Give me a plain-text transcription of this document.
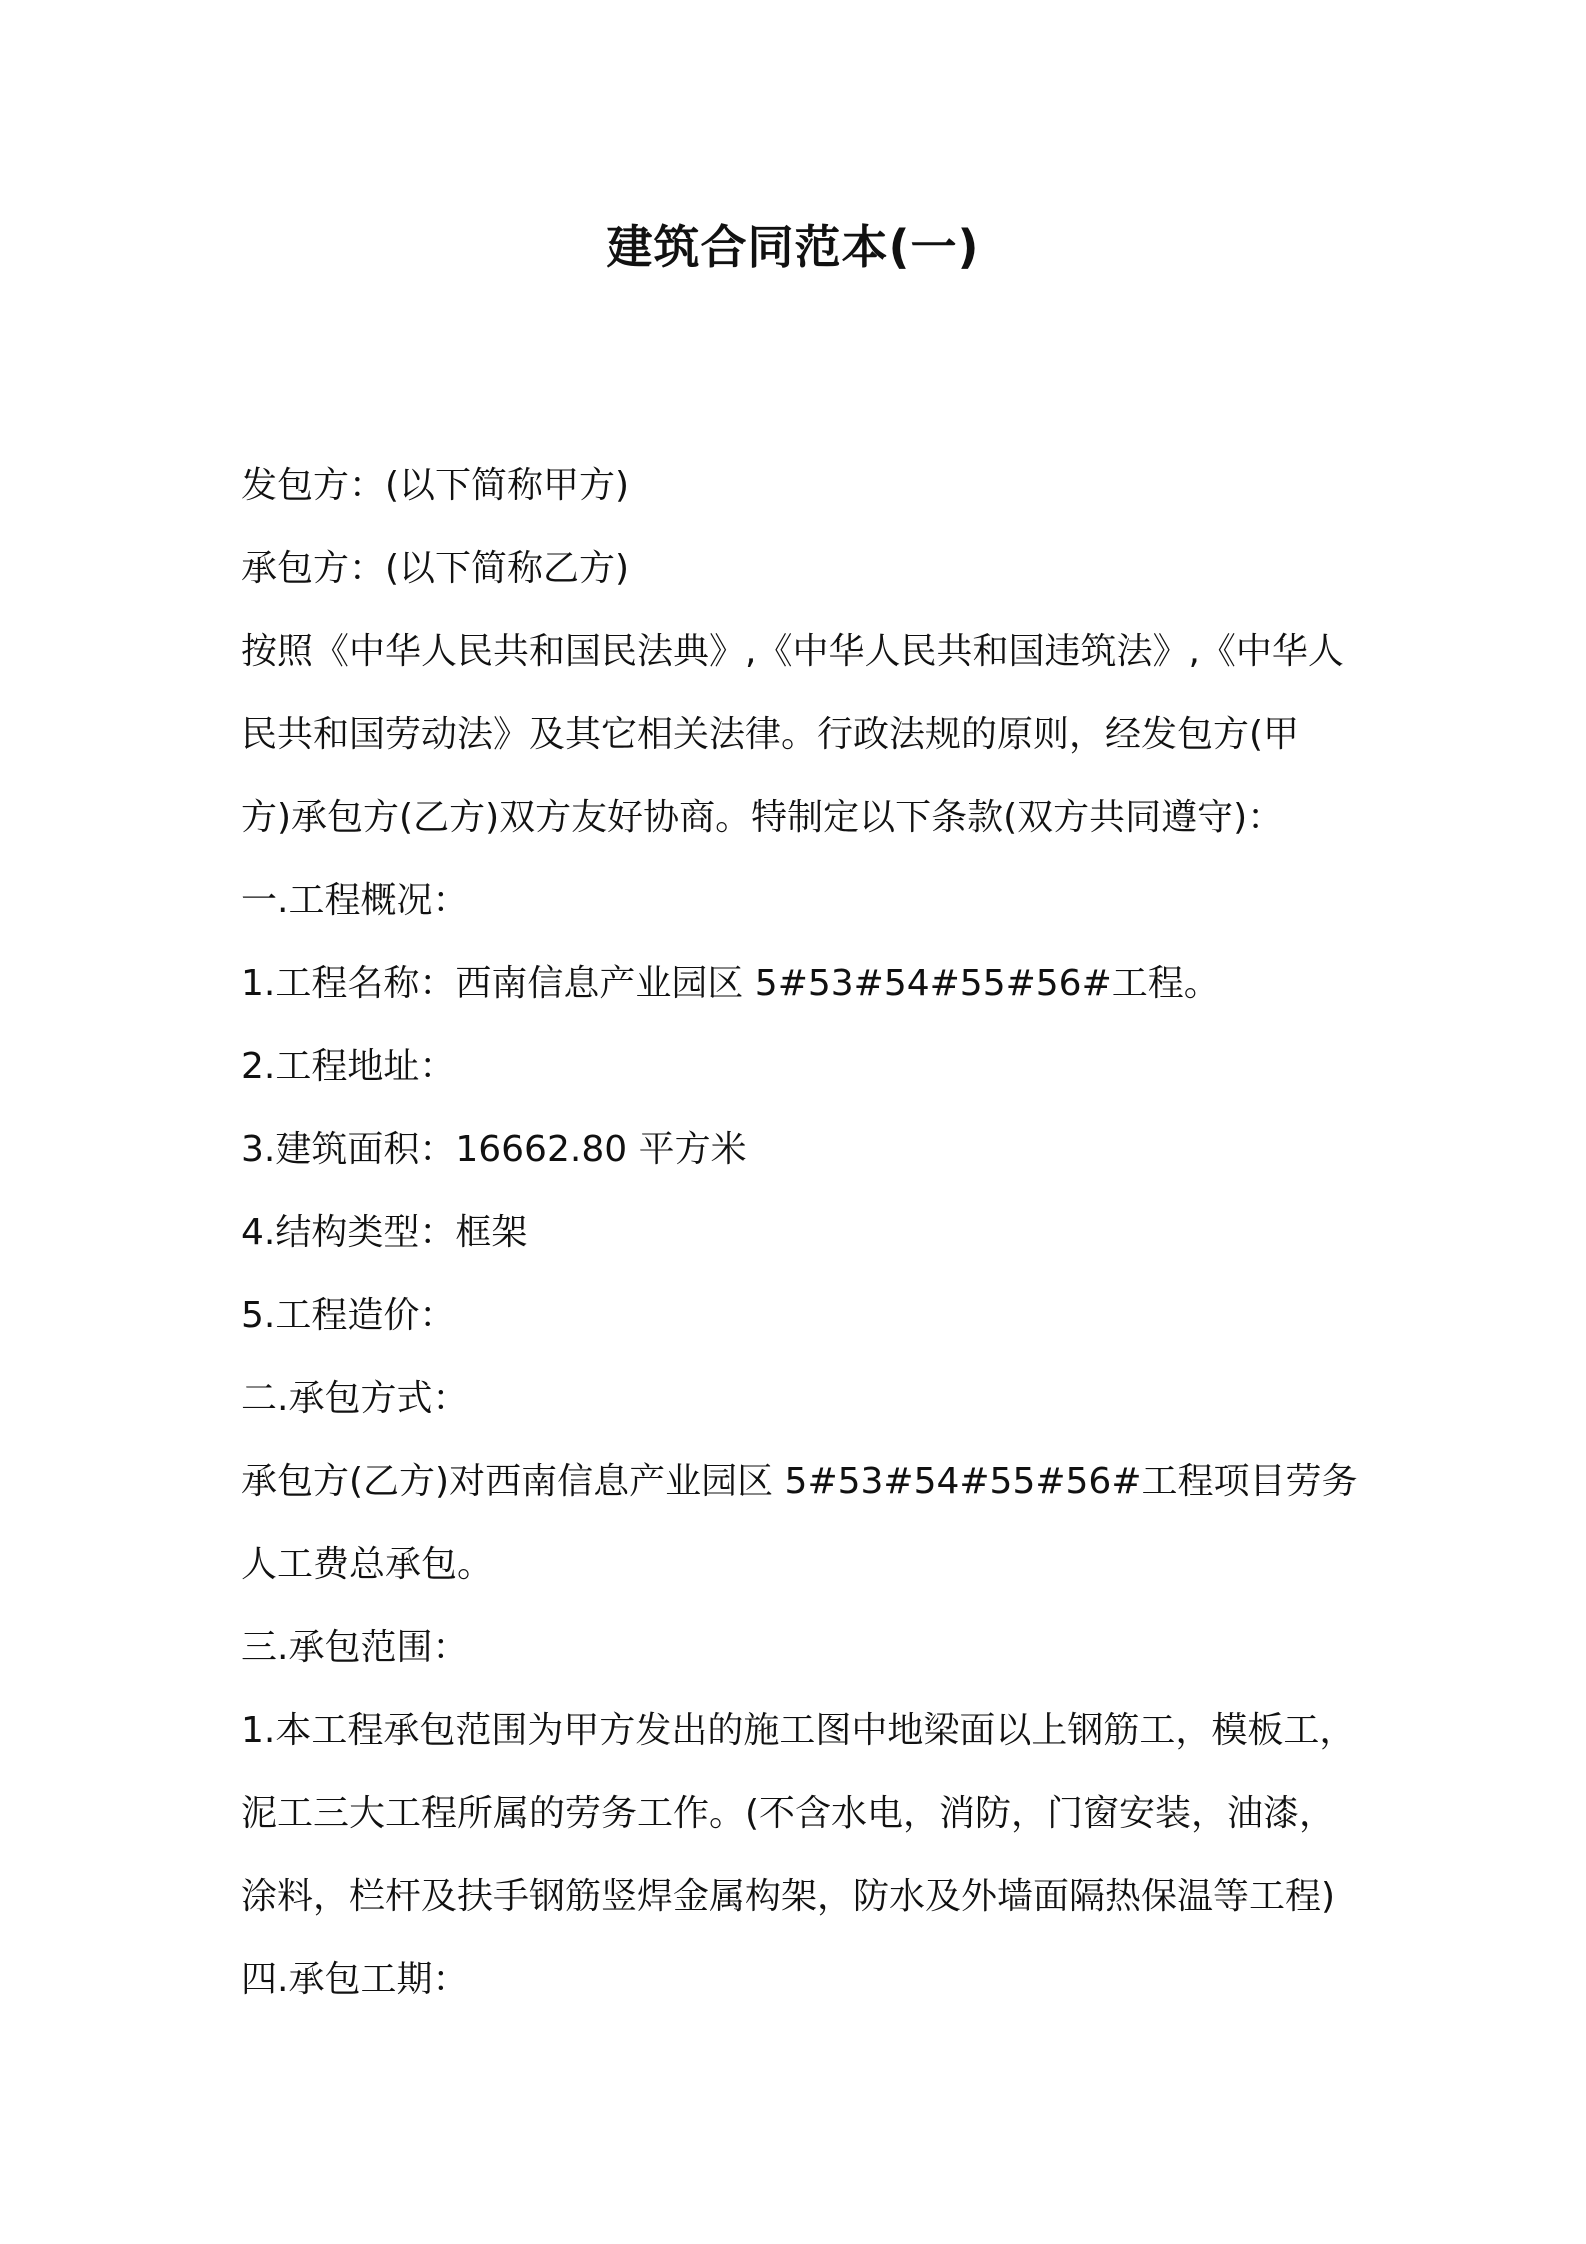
建筑合同范本(一)
发包方：(以下简称甲方)
承包方：(以下简称乙方)
按照《中华人民共和国民法典》,《中华人民共和国违筑法》,《中华人
民共和国劳动法》及其它相关法律。行政法规的原则，经发包方(甲
方)承包方(乙方)双方友好协商。特制定以下条款(双方共同遵守)：
一.工程概况：
1.工程名称：西南信息产业园区 5#53#54#55#56#工程。
2.工程地址：
3.建筑面积：16662.80 平方米
4.结构类型：框架
5.工程造价：
二.承包方式：
承包方(乙方)对西南信息产业园区 5#53#54#55#56#工程项目劳务
人工费总承包。
三.承包范围：
1.本工程承包范围为甲方发出的施工图中地梁面以上钢筋工，模板工，
泥工三大工程所属的劳务工作。(不含水电，消防，门窗安装，油漆，
涂料，栏杆及扶手钢筋竖焊金属构架，防水及外墙面隔热保温等工程)
四.承包工期：
